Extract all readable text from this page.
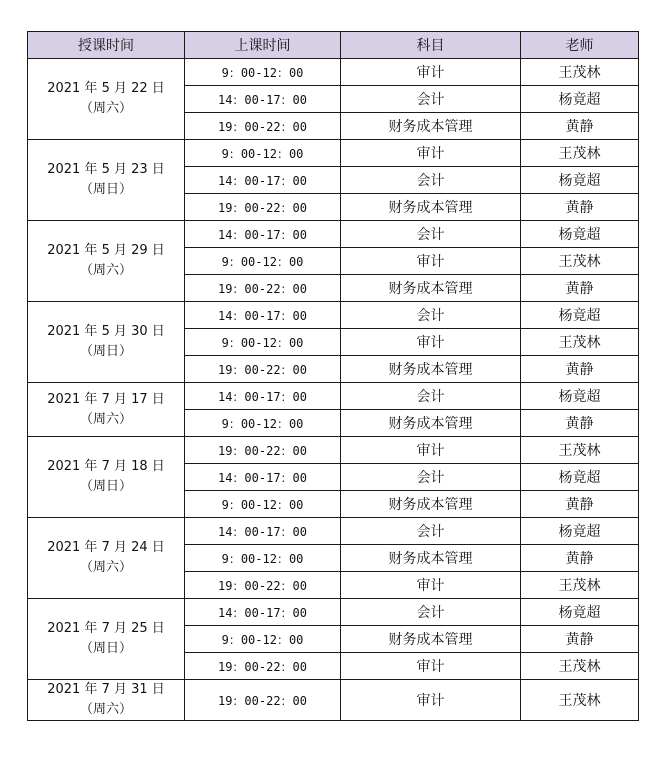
授课时间	上课时间	科目	老师

2021 年 5 月 22 日
（周六）	9：00-12：00	审计	王茂林
	14：00-17：00	会计	杨竟超
	19：00-22：00	财务成本管理	黄静

2021 年 5 月 23 日
（周日）	9：00-12：00	审计	王茂林
	14：00-17：00	会计	杨竟超
	19：00-22：00	财务成本管理	黄静

2021 年 5 月 29 日
（周六）	14：00-17：00	会计	杨竟超
	9：00-12：00	审计	王茂林
	19：00-22：00	财务成本管理	黄静

2021 年 5 月 30 日
（周日）	14：00-17：00	会计	杨竟超
	9：00-12：00	审计	王茂林
	19：00-22：00	财务成本管理	黄静

2021 年 7 月 17 日
（周六）	14：00-17：00	会计	杨竟超
	9：00-12：00	财务成本管理	黄静

2021 年 7 月 18 日
（周日）	19：00-22：00	审计	王茂林
	14：00-17：00	会计	杨竟超
	9：00-12：00	财务成本管理	黄静

2021 年 7 月 24 日
（周六）	14：00-17：00	会计	杨竟超
	9：00-12：00	财务成本管理	黄静
	19：00-22：00	审计	王茂林

2021 年 7 月 25 日
（周日）	14：00-17：00	会计	杨竟超
	9：00-12：00	财务成本管理	黄静
	19：00-22：00	审计	王茂林

2021 年 7 月 31 日
（周六）	19：00-22：00	审计	王茂林
